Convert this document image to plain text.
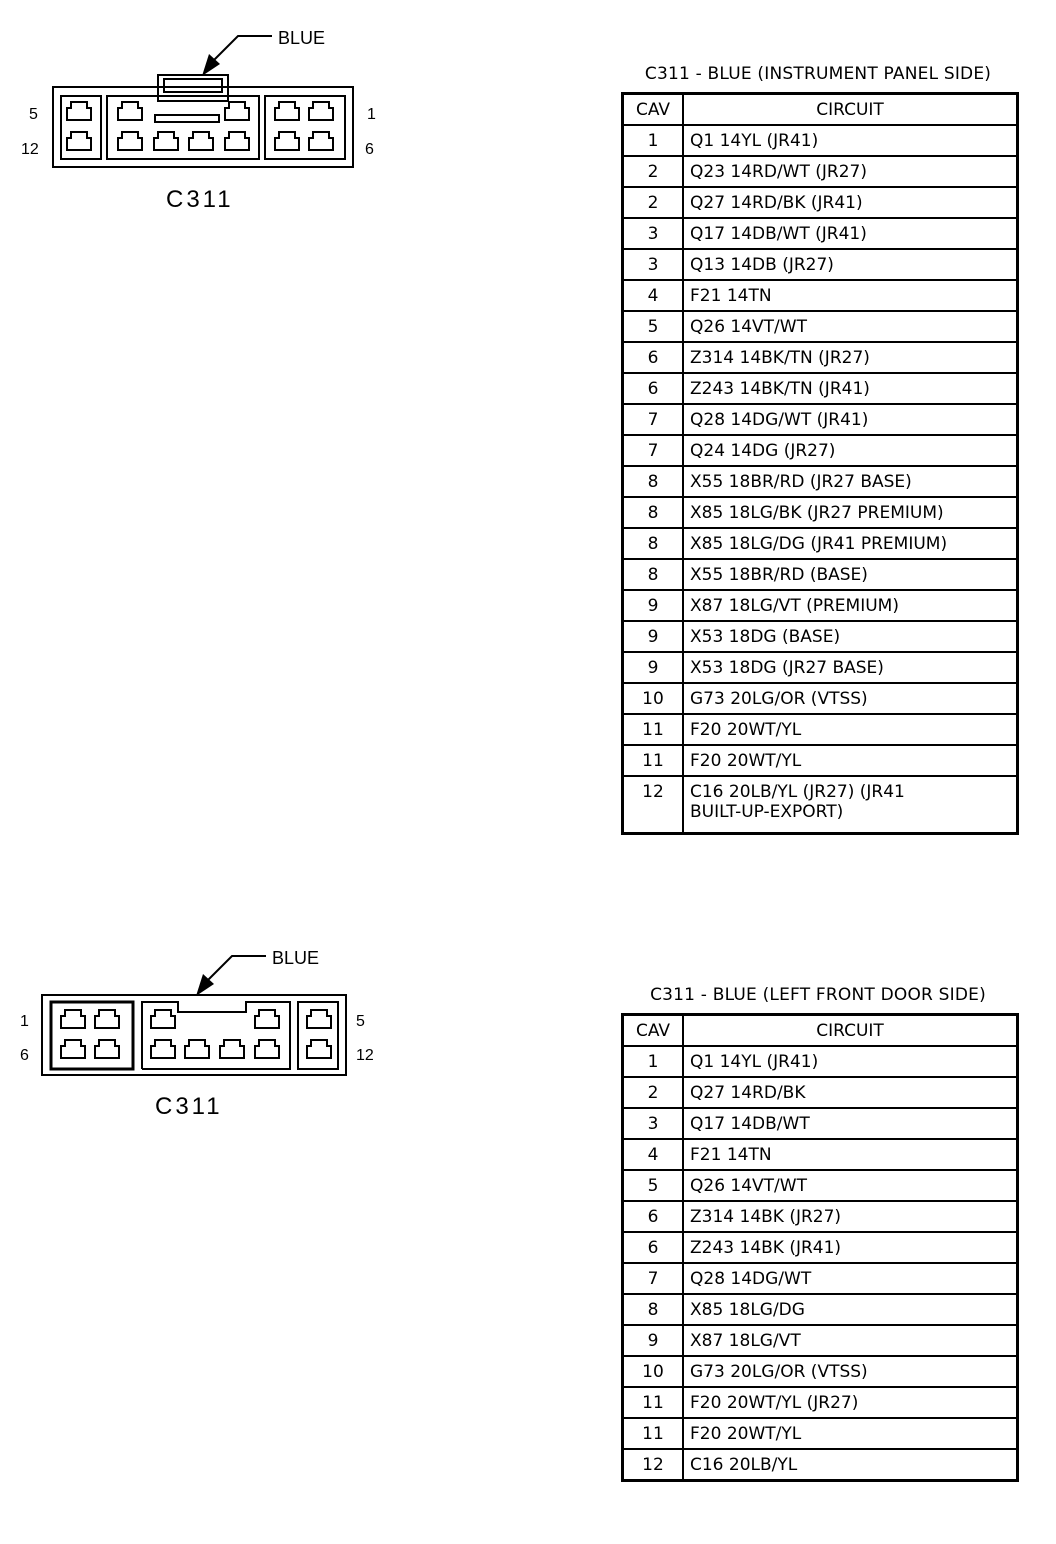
BLUE
5
12
1
6
C311
BLUE
1
6
5
12
C311
C311 - BLUE (INSTRUMENT PANEL SIDE)
CAV	CIRCUIT
1	Q1 14YL (JR41)
2	Q23 14RD/WT (JR27)
2	Q27 14RD/BK (JR41)
3	Q17 14DB/WT (JR41)
3	Q13 14DB (JR27)
4	F21 14TN
5	Q26 14VT/WT
6	Z314 14BK/TN (JR27)
6	Z243 14BK/TN (JR41)
7	Q28 14DG/WT (JR41)
7	Q24 14DG (JR27)
8	X55 18BR/RD (JR27 BASE)
8	X85 18LG/BK (JR27 PREMIUM)
8	X85 18LG/DG (JR41 PREMIUM)
8	X55 18BR/RD (BASE)
9	X87 18LG/VT (PREMIUM)
9	X53 18DG (BASE)
9	X53 18DG (JR27 BASE)
10	G73 20LG/OR (VTSS)
11	F20 20WT/YL
11	F20 20WT/YL
12	C16 20LB/YL (JR27) (JR41
BUILT-UP-EXPORT)
C311 - BLUE (LEFT FRONT DOOR SIDE)
CAV	CIRCUIT
1	Q1 14YL (JR41)
2	Q27 14RD/BK
3	Q17 14DB/WT
4	F21 14TN
5	Q26 14VT/WT
6	Z314 14BK (JR27)
6	Z243 14BK (JR41)
7	Q28 14DG/WT
8	X85 18LG/DG
9	X87 18LG/VT
10	G73 20LG/OR (VTSS)
11	F20 20WT/YL (JR27)
11	F20 20WT/YL
12	C16 20LB/YL
